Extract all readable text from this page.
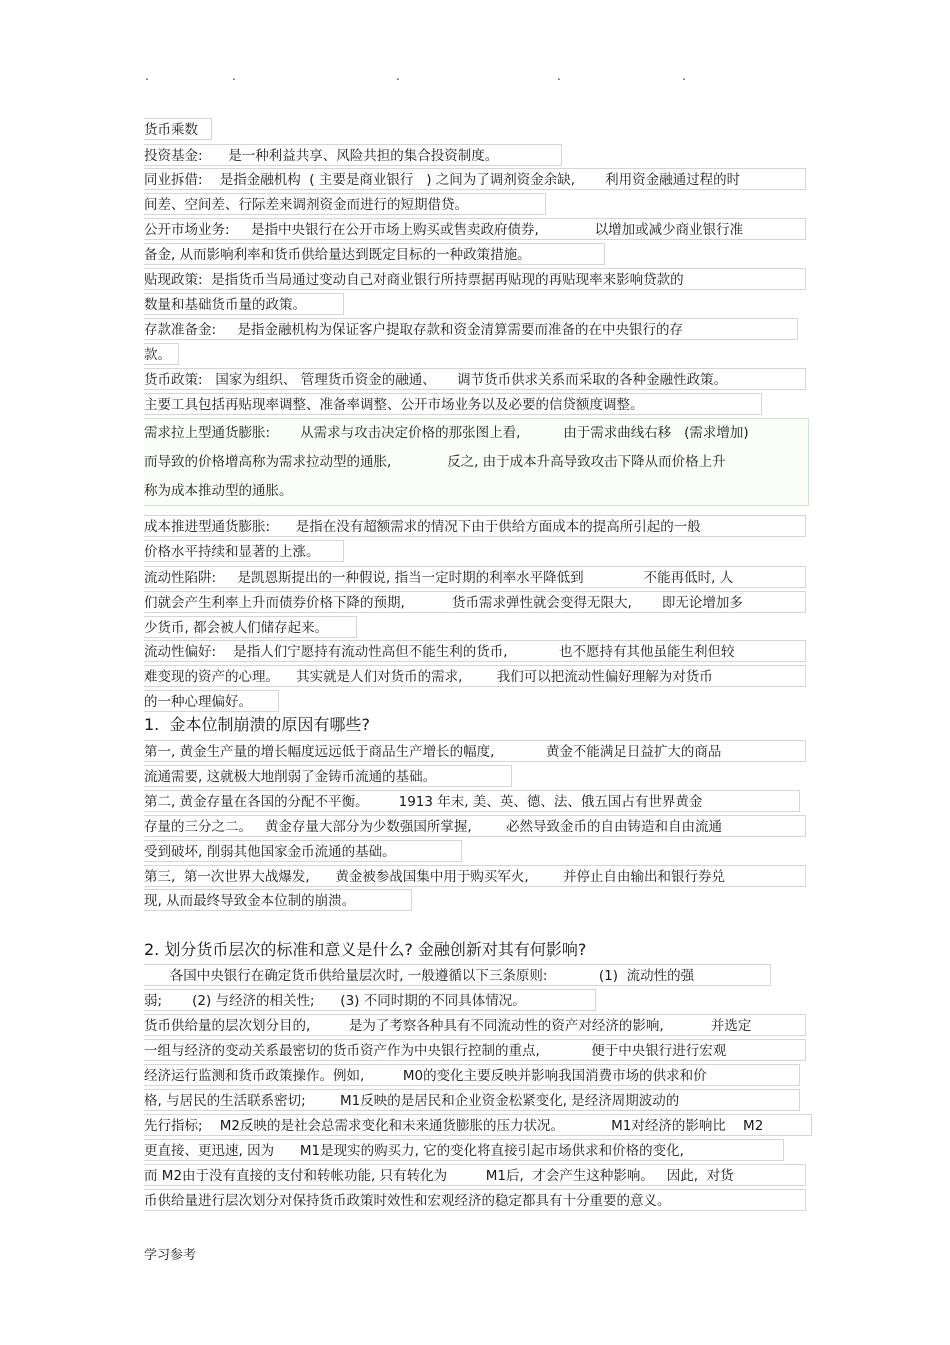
.	.	.	.	.
货币乘数
投资基金:      是一种利益共享、风险共担的集合投资制度。
同业拆借:    是指金融机构  ( 主要是商业银行   ) 之间为了调剂资金余缺,       利用资金融通过程的时
间差、空间差、行际差来调剂资金而进行的短期借贷。
公开市场业务:     是指中央银行在公开市场上购买或售卖政府债券,             以增加或减少商业银行准
备金, 从而影响利率和货币供给量达到既定目标的一种政策措施。
贴现政策:  是指货币当局通过变动自己对商业银行所持票据再贴现的再贴现率来影响贷款的
数量和基础货币量的政策。
存款准备金:     是指金融机构为保证客户提取存款和资金清算需要而准备的在中央银行的存
款。
货币政策:   国家为组织、 管理货币资金的融通、     调节货币供求关系而采取的各种金融性政策。
主要工具包括再贴现率调整、准备率调整、公开市场业务以及必要的信贷额度调整。
需求拉上型通货膨胀:       从需求与攻击决定价格的那张图上看,          由于需求曲线右移   (需求增加)
而导致的价格增高称为需求拉动型的通胀,             反之, 由于成本升高导致攻击下降从而价格上升
称为成本推动型的通胀。
成本推进型通货膨胀:      是指在没有超额需求的情况下由于供给方面成本的提高所引起的一般
价格水平持续和显著的上涨。
流动性陷阱:     是凯恩斯提出的一种假说, 指当一定时期的利率水平降低到              不能再低时, 人
们就会产生利率上升而债券价格下降的预期,           货币需求弹性就会变得无限大,       即无论增加多
少货币, 都会被人们储存起来。
流动性偏好:    是指人们宁愿持有流动性高但不能生利的货币,            也不愿持有其他虽能生利但较
难变现的资产的心理。    其实就是人们对货币的需求,        我们可以把流动性偏好理解为对货币
的一种心理偏好。
1.  金本位制崩溃的原因有哪些?
第一, 黄金生产量的增长幅度远远低于商品生产增长的幅度,            黄金不能满足日益扩大的商品
流通需要, 这就极大地削弱了金铸币流通的基础。
第二, 黄金存量在各国的分配不平衡。       1913 年末, 美、英、德、法、俄五国占有世界黄金
存量的三分之二。   黄金存量大部分为少数强国所掌握,        必然导致金币的自由铸造和自由流通
受到破坏, 削弱其他国家金币流通的基础。
第三,  第一次世界大战爆发,      黄金被参战国集中用于购买军火,        并停止自由输出和银行券兑
现, 从而最终导致金本位制的崩溃。
2. 划分货币层次的标准和意义是什么? 金融创新对其有何影响?
各国中央银行在确定货币供给量层次时, 一般遵循以下三条原则:            (1)  流动性的强
弱;       (2) 与经济的相关性;      (3) 不同时期的不同具体情况。
货币供给量的层次划分目的,         是为了考察各种具有不同流动性的资产对经济的影响,           并选定
一组与经济的变动关系最密切的货币资产作为中央银行控制的重点,            便于中央银行进行宏观
经济运行监测和货币政策操作。例如,         M0的变化主要反映并影响我国消费市场的供求和价
格, 与居民的生活联系密切;        M1反映的是居民和企业资金松紧变化, 是经济周期波动的
先行指标;    M2反映的是社会总需求变化和未来通货膨胀的压力状况。           M1对经济的影响比    M2
更直接、更迅速, 因为      M1是现实的购买力, 它的变化将直接引起市场供求和价格的变化,
而 M2由于没有直接的支付和转帐功能, 只有转化为         M1后,  才会产生这种影响。   因此,  对货
币供给量进行层次划分对保持货币政策时效性和宏观经济的稳定都具有十分重要的意义。
学习参考
